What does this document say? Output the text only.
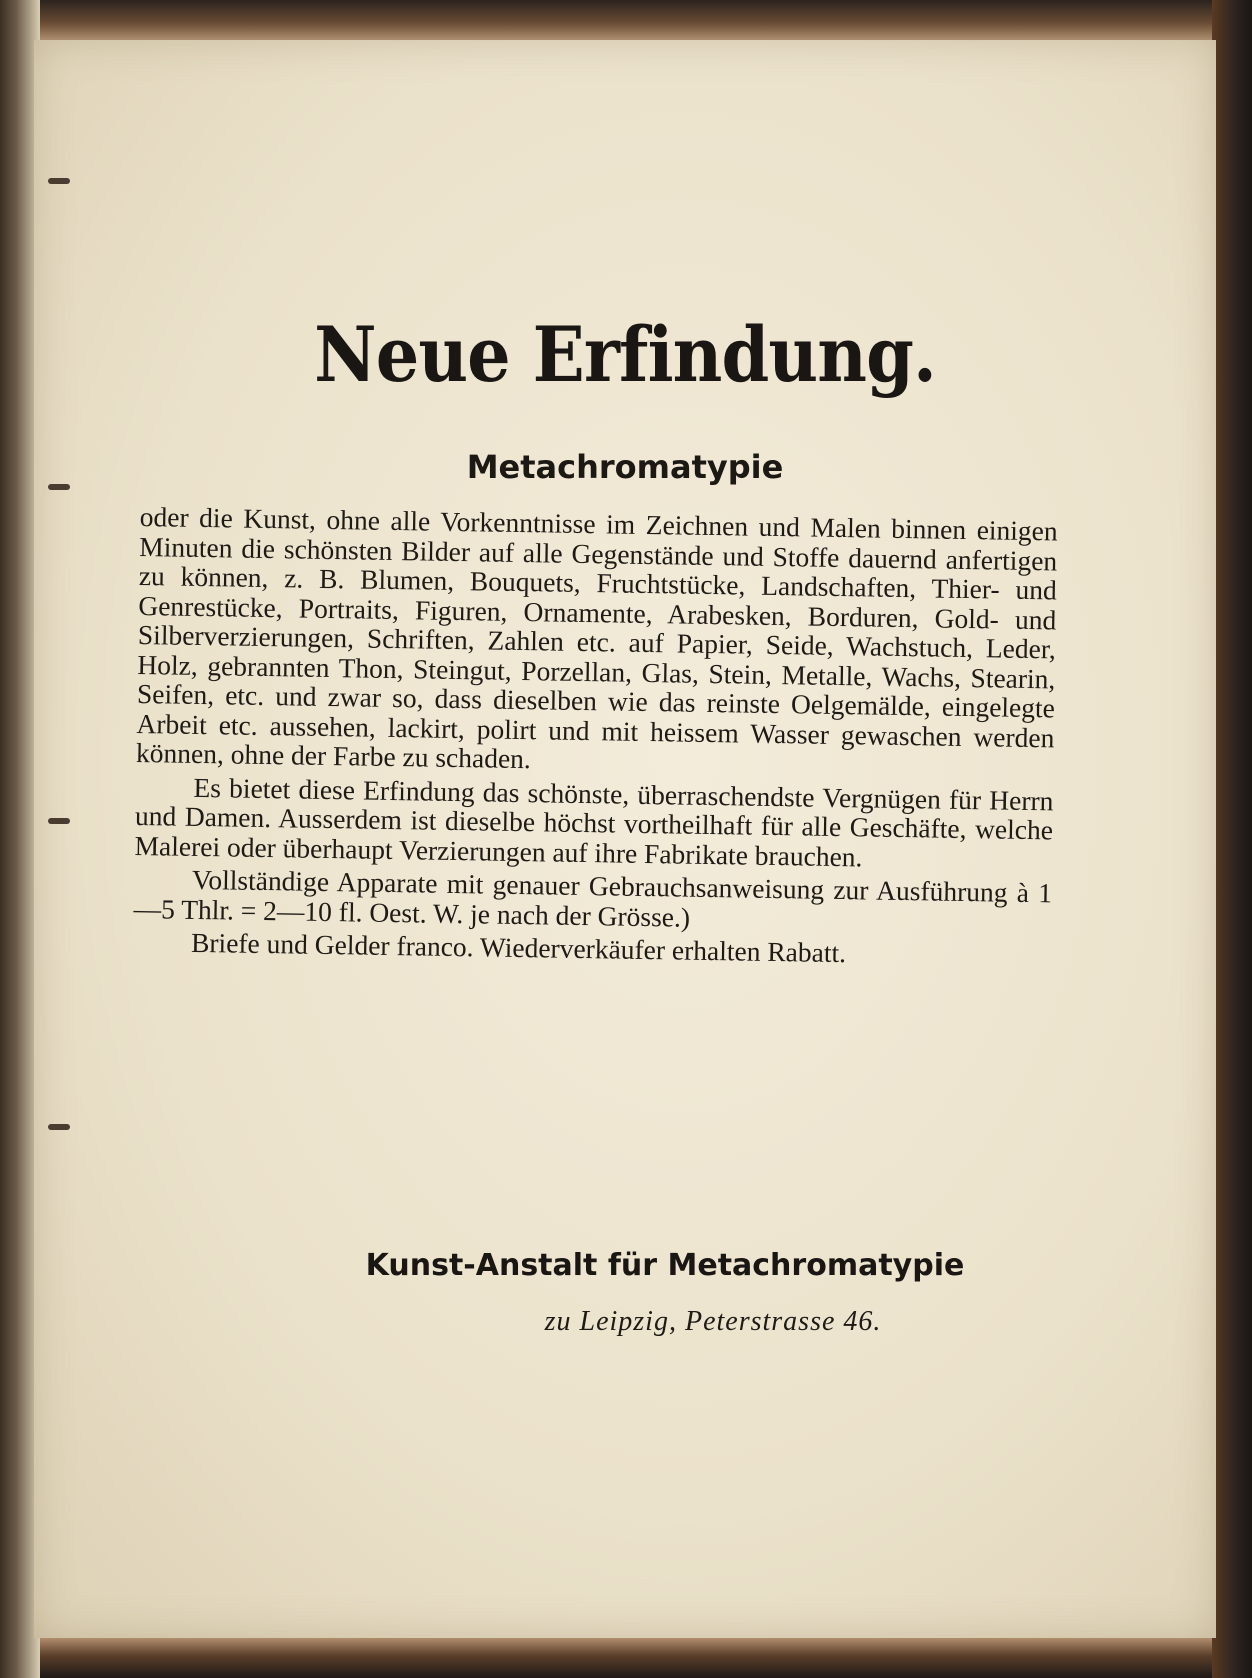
Neue Erfindung.
Metachromatypie

oder die Kunst, ohne alle Vorkenntnisse im Zeichnen und Malen binnen einigen Minuten die schönsten Bilder auf alle Gegenstände und Stoffe dauernd anfertigen zu können, z. B. Blumen, Bouquets, Fruchtstücke, Landschaften, Thier- und Genrestücke, Portraits, Figuren, Ornamente, Arabesken, Borduren, Gold- und Silberverzierungen, Schriften, Zahlen etc. auf Papier, Seide, Wachstuch, Leder, Holz, gebrannten Thon, Steingut, Porzellan, Glas, Stein, Metalle, Wachs, Stearin, Seifen, etc. und zwar so, dass dieselben wie das reinste Oelgemälde, eingelegte Arbeit etc. aussehen, lackirt, polirt und mit heissem Wasser gewaschen werden können, ohne der Farbe zu schaden.

Es bietet diese Erfindung das schönste, überraschendste Vergnügen für Herrn und Damen. Ausserdem ist dieselbe höchst vortheilhaft für alle Geschäfte, welche Malerei oder überhaupt Verzierungen auf ihre Fabrikate brauchen.

Vollständige Apparate mit genauer Gebrauchsanweisung zur Ausführung à 1—5 Thlr. = 2—10 fl. Oest. W. je nach der Grösse.)

Briefe und Gelder franco. Wiederverkäufer erhalten Rabatt.

Kunst-Anstalt für Metachromatypie
zu Leipzig, Peterstrasse 46.
